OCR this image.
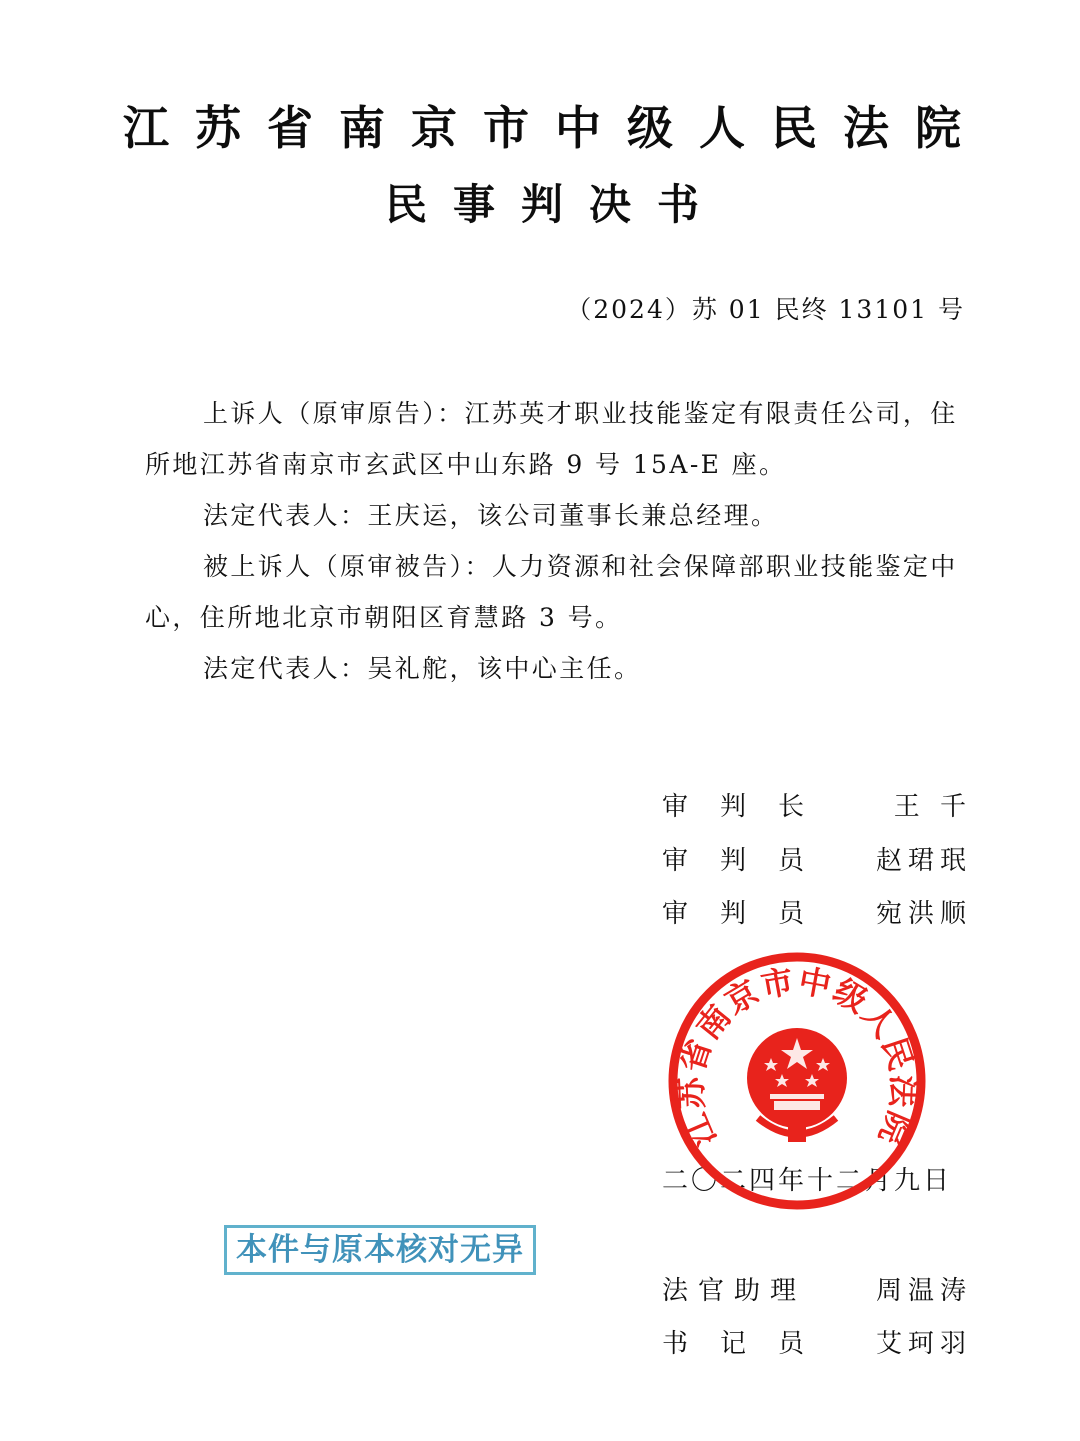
江苏省南京市中级人民法院
民事判决书
（2024）苏 01 民终 13101 号
上诉人（原审原告）：江苏英才职业技能鉴定有限责任公司，住所地江苏省南京市玄武区中山东路 9 号 15A-E 座。
法定代表人：王庆运，该公司董事长兼总经理。
被上诉人（原审被告）：人力资源和社会保障部职业技能鉴定中心，住所地北京市朝阳区育慧路 3 号。
法定代表人：吴礼舵，该中心主任。
审判长 王 千
审判员 赵珺珉
审判员 宛洪顺
二〇二四年十二月九日
江苏省南京市中级人民法院
本件与原本核对无异
法官助理	周温涛
书记员 艾珂羽
